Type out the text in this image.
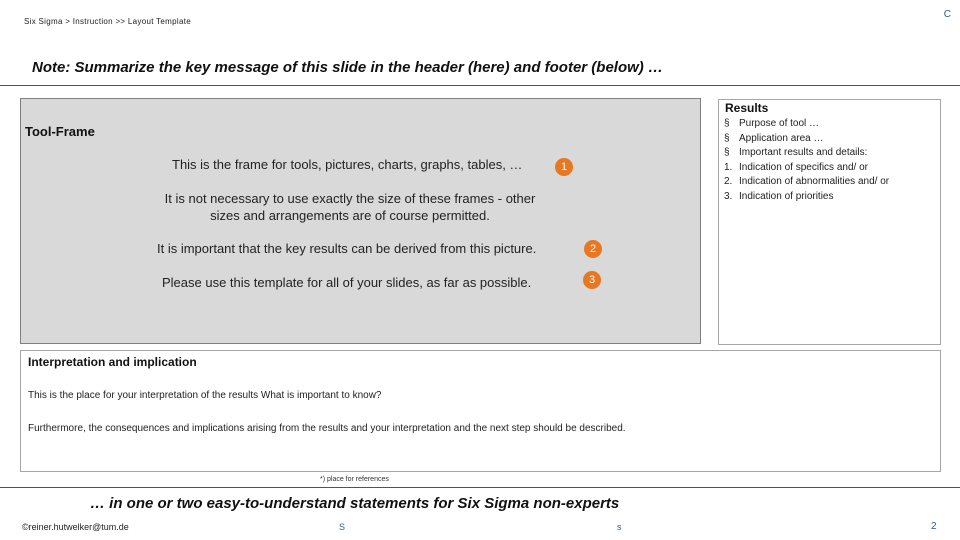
Six Sigma > Instruction >> Layout Template
C
Note: Summarize the key message of this slide in the header (here) and footer (below) …
Tool-Frame
This is the frame for tools, pictures, charts, graphs, tables, …
It is not necessary to use exactly the size of these frames - other sizes and arrangements are of course permitted.
It is important that the key results can be derived from this picture.
Please use this template for all of your slides, as far as possible.
1
2
3
Results
§ Purpose of tool …
§ Application area …
§ Important results and details:
1. Indication of specifics and/ or
2. Indication of abnormalities and/ or
3. Indication of priorities
Interpretation and implication
This is the place for your interpretation of the results What is important to know?
Furthermore, the consequences and implications arising from the results and your interpretation and the next step should be described.
*) place for references
… in one or two easy-to-understand statements for Six Sigma non-experts
©reiner.hutwelker@tum.de	S	s	2
